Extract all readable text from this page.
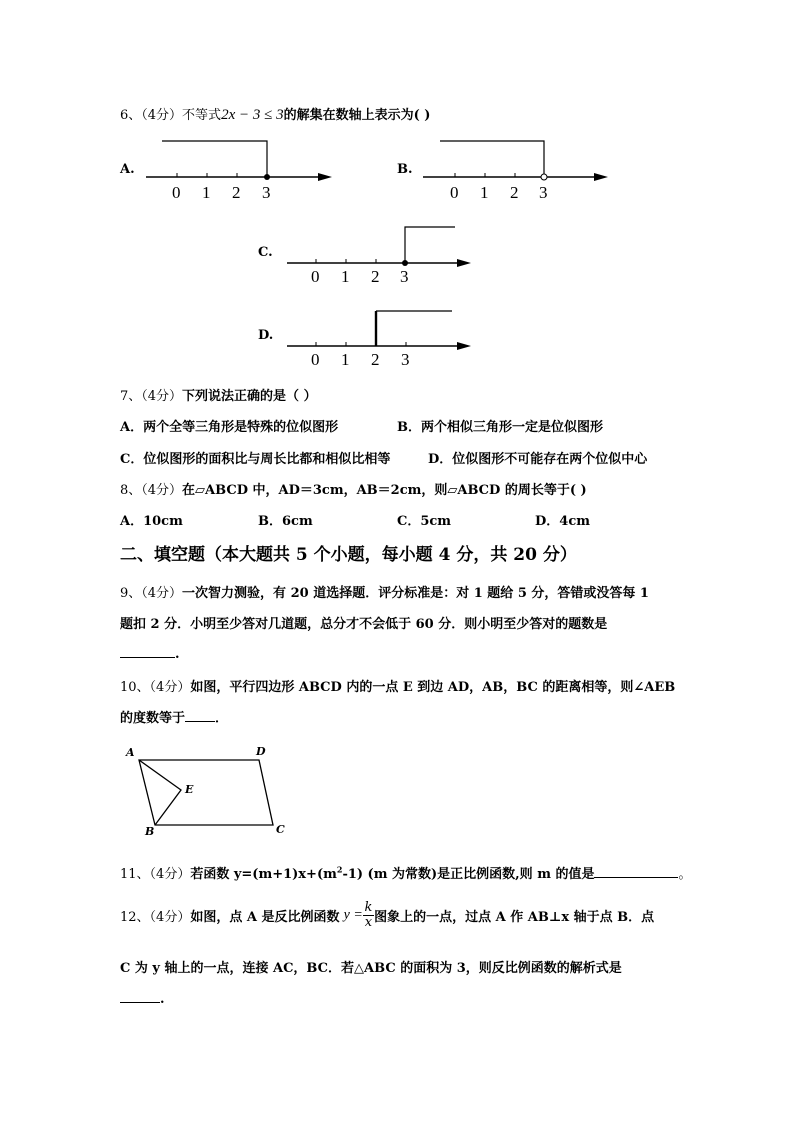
6、（4分）不等式2x − 3 ≤ 3的解集在数轴上表示为( )
A.	B.
C.
D.
0 1 2 3	0 1 2 3
0 1 2 3
0 1 2 3
7、（4分）下列说法正确的是（ ）
A．两个全等三角形是特殊的位似图形	B．两个相似三角形一定是位似图形
C．位似图形的面积比与周长比都和相似比相等	D．位似图形不可能存在两个位似中心
8、（4分）在▱ABCD 中，AD＝3cm，AB＝2cm，则▱ABCD 的周长等于( )
A．10cm	B．6cm	C．5cm	D．4cm
二、填空题（本大题共 5 个小题，每小题 4 分，共 20 分）
9、（4分）一次智力测验，有 20 道选择题．评分标准是：对 1 题给 5 分，答错或没答每 1
题扣 2 分．小明至少答对几道题，总分才不会低于 60 分．则小明至少答对的题数是
.
10、（4分）如图，平行四边形 ABCD 内的一点 E 到边 AD，AB，BC 的距离相等，则∠AEB
的度数等于 ．
A	D
E
B	C
11、（4分）若函数 $y=(m+1)x+(m^2-1)$ (m 为常数)是正比例函数,则 m 的值是	。
12、（4分）如图，点 A 是反比例函数 $y =\frac{k}{x}$ 图象上的一点，过点 A 作 AB⊥x 轴于点 B．点
C 为 y 轴上的一点，连接 AC，BC．若△ABC 的面积为 3，则反比例函数的解析式是
.
